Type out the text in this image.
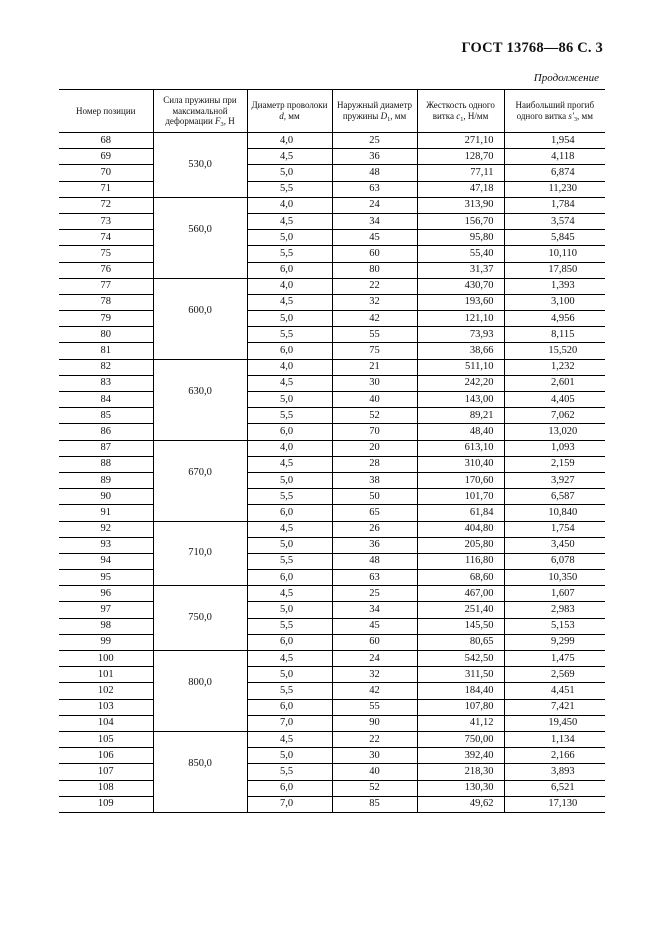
ГОСТ 13768—86 С. 3
Продолжение
Номер позиции	Сила пружины при максимальной деформации $F_3$, Н	Диаметр проволоки d, мм	Наружный диаметр пружины $D_1$, мм	Жесткость одного витка $c_1$, Н/мм	Наибольший прогиб одного витка $s'_3$, мм
68	530,0	4,0	25	271,10	1,954
69		4,5	36	128,70	4,118
70		5,0	48	77,11	6,874
71		5,5	63	47,18	11,230
72	560,0	4,0	24	313,90	1,784
73		4,5	34	156,70	3,574
74		5,0	45	95,80	5,845
75		5,5	60	55,40	10,110
76		6,0	80	31,37	17,850
77	600,0	4,0	22	430,70	1,393
78		4,5	32	193,60	3,100
79		5,0	42	121,10	4,956
80		5,5	55	73,93	8,115
81		6,0	75	38,66	15,520
82	630,0	4,0	21	511,10	1,232
83		4,5	30	242,20	2,601
84		5,0	40	143,00	4,405
85		5,5	52	89,21	7,062
86		6,0	70	48,40	13,020
87	670,0	4,0	20	613,10	1,093
88		4,5	28	310,40	2,159
89		5,0	38	170,60	3,927
90		5,5	50	101,70	6,587
91		6,0	65	61,84	10,840
92	710,0	4,5	26	404,80	1,754
93		5,0	36	205,80	3,450
94		5,5	48	116,80	6,078
95		6,0	63	68,60	10,350
96	750,0	4,5	25	467,00	1,607
97		5,0	34	251,40	2,983
98		5,5	45	145,50	5,153
99		6,0	60	80,65	9,299
100	800,0	4,5	24	542,50	1,475
101		5,0	32	311,50	2,569
102		5,5	42	184,40	4,451
103		6,0	55	107,80	7,421
104		7,0	90	41,12	19,450
105	850,0	4,5	22	750,00	1,134
106		5,0	30	392,40	2,166
107		5,5	40	218,30	3,893
108		6,0	52	130,30	6,521
109		7,0	85	49,62	17,130
